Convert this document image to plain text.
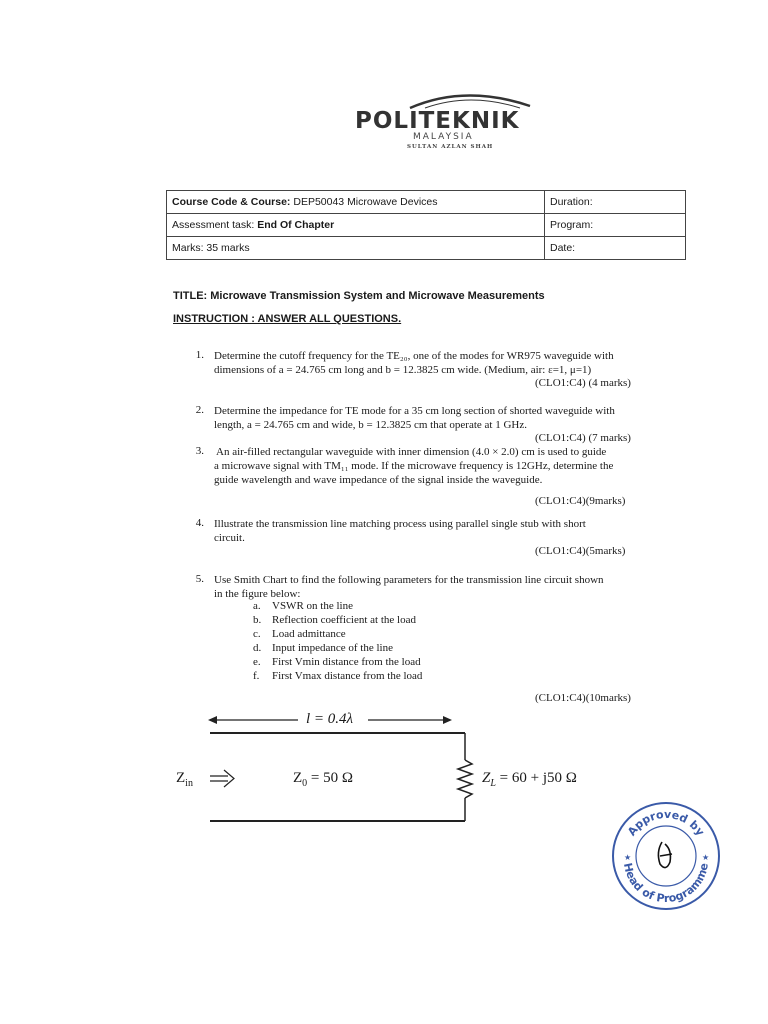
POLITEKNIK
MALAYSIA
SULTAN AZLAN SHAH
Course Code & Course: DEP50043 Microwave Devices	Duration:
Assessment task: End Of Chapter	Program:
Marks: 35 marks	Date:
TITLE: Microwave Transmission System and Microwave Measurements
INSTRUCTION : ANSWER ALL QUESTIONS.
1. Determine the cutoff frequency for the TE₂₀, one of the modes for WR975 waveguide with
dimensions of a = 24.765 cm long and b = 12.3825 cm wide. (Medium, air: ε=1, μ=1)
(CLO1:C4) (4 marks)
2. Determine the impedance for TE mode for a 35 cm long section of shorted waveguide with
length, a = 24.765 cm and wide, b = 12.3825 cm that operate at 1 GHz.
(CLO1:C4) (7 marks)
3. An air-filled rectangular waveguide with inner dimension (4.0 × 2.0) cm is used to guide
a microwave signal with TM₁₁ mode. If the microwave frequency is 12GHz, determine the
guide wavelength and wave impedance of the signal inside the waveguide.
(CLO1:C4)(9marks)
4. Illustrate the transmission line matching process using parallel single stub with short
circuit.
(CLO1:C4)(5marks)
5. Use Smith Chart to find the following parameters for the transmission line circuit shown
in the figure below:
a. VSWR on the line
b. Reflection coefficient at the load
c. Load admittance
d. Input impedance of the line
e. First Vmin distance from the load
f. First Vmax distance from the load
(CLO1:C4)(10marks)
l = 0.4λ
$Z_{in}$	$Z_0 = 50$ Ω	$Z_L = 60 + j50$ Ω
Approved by
Head of Programme
★	★
